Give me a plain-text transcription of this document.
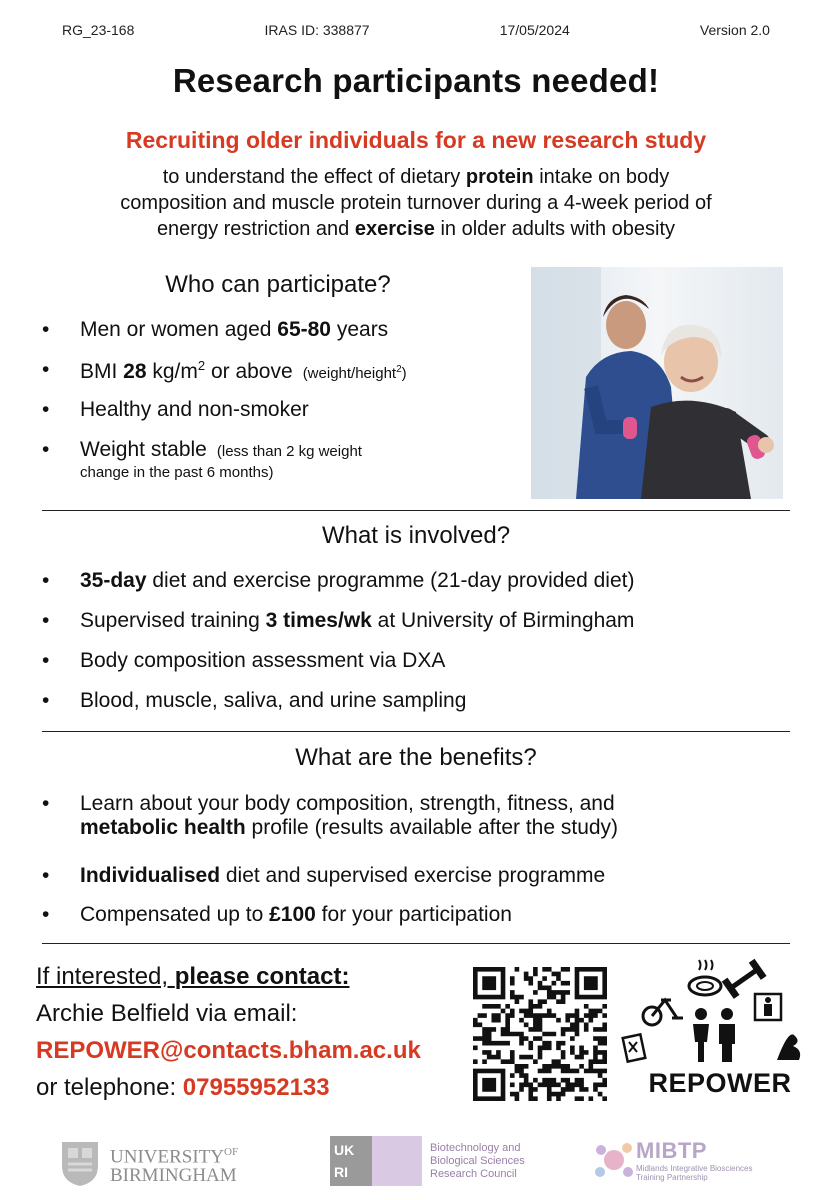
RG_23-168	IRAS ID: 338877	17/05/2024	Version 2.0
Research participants needed!
Recruiting older individuals for a new research study
to understand the effect of dietary protein intake on body
composition and muscle protein turnover during a 4-week period of
energy restriction and exercise in older adults with obesity
Who can participate?
• Men or women aged 65-80 years
• BMI 28 $kg/m^2$ or above (weight/height$^2$)
• Healthy and non-smoker
• Weight stable (less than 2 kg weight
change in the past 6 months)
What is involved?
• 35-day diet and exercise programme (21-day provided diet)
• Supervised training 3 times/wk at University of Birmingham
• Body composition assessment via DXA
• Blood, muscle, saliva, and urine sampling
What are the benefits?
• Learn about your body composition, strength, fitness, and
metabolic health profile (results available after the study)
• Individualised diet and supervised exercise programme
• Compensated up to £100 for your participation
If interested, please contact:
Archie Belfield via email:
REPOWER@contacts.bham.ac.uk
or telephone: 07955952133	REPOWER
$UNIVERSITY^{OF}$
BIRMINGHAM
UK RI
Biotechnology and
Biological Sciences
Research Council
MIBTP
Midlands Integrative Biosciences
Training Partnership
